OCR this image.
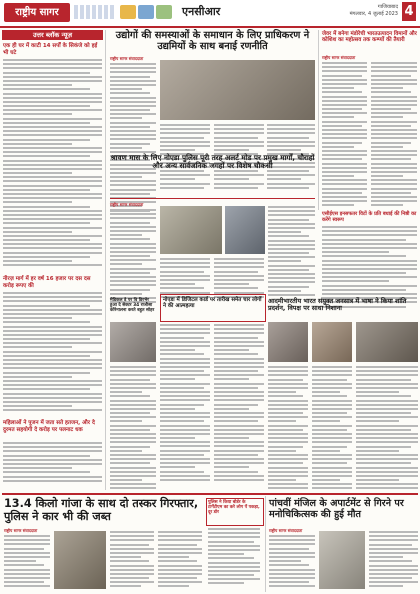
राष्ट्रीय सागर	एनसीआर	गाजियाबाद
मंगलवार, 4 जुलाई 2023 4
उत्तर ब्लॉक न्यूज़
एक ही घर में काटी 14 सर्पों के सिकंजे को हई भी घटे
नीरज़ मार्ग में हर वर्ष 16 हजार पर दस दस करोड़ रूपए की
महिलाओं ने पूजन में जता सते हतजन, और दे दुरमत सहयोगी दे करोड़ पर पलनाट धक
उद्योगों की समस्याओं के समाधान के लिए प्राधिकरण ने उद्यमियों के साथ बनाई रणनीति
राष्ट्रीय सागर संवाददाता
जेवर में बनेगा मंडोरेची भारतउत्पादन विमानों और कोशिश का महोत्सव तक कम्प्यों की तैयारी
राष्ट्रीय सागर संवाददाता
श्रावण मास के लिए नोएडा पुलिस पूरी तरह अलर्ट मोड पर प्रमुख मार्गों, चौराहों और अन्य सार्वजनिक जगहों पर विशेष चौकसी
राष्ट्रीय सागर संवाददाता
एसीईएस इनसफतर विटों के प्रति बधाई की निष्ठी का करेंगे स्वरूप
मेडिकल डे पर वि डिरभेर हुआ दे सेक्टर 34 राजौसा कोरेनालना करते बहुत सोहर
नोएडा में डिजिटल कार्ड पर तारीख समेत चार लोगों ने की आत्महत्या
आदमीभारतीय भारत संयुक्त जनसात्र में भाषा ने किया शांति प्रदर्शन, विपक्ष पर साधा निशाना
13.4 किलो गांजा के साथ दो तस्कर गिरफ्तार, पुलिस ने कार भी की जब्त
राष्ट्रीय सागर संवाददाता
पुलिस ने किया बोर्डर के टार्गेटीएम का करे लोग पें पकड़ा, दूर डोर
पांचवीं मंजिल के अपार्टमेंट से गिरने पर मनोचिकित्सक की हुई मौत
राष्ट्रीय सागर संवाददाता
